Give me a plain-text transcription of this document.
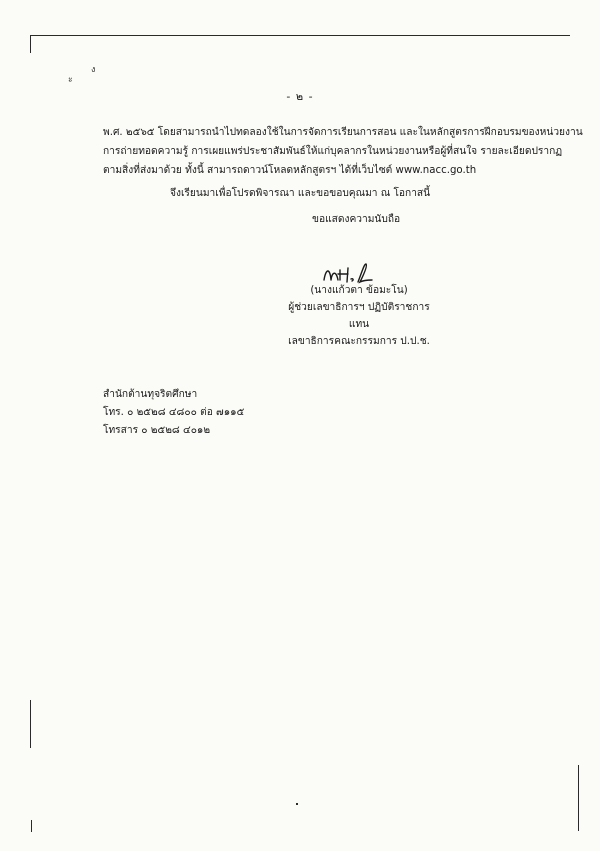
ง
ะ
- ๒ -
พ.ศ. ๒๕๖๕ โดยสามารถนำไปทดลองใช้ในการจัดการเรียนการสอน และในหลักสูตรการฝึกอบรมของหน่วยงาน
การถ่ายทอดความรู้ การเผยแพร่ประชาสัมพันธ์ให้แก่บุคลากรในหน่วยงานหรือผู้ที่สนใจ รายละเอียดปรากฏ
ตามสิ่งที่ส่งมาด้วย ทั้งนี้ สามารถดาวน์โหลดหลักสูตรฯ ได้ที่เว็บไซต์ www.nacc.go.th
จึงเรียนมาเพื่อโปรดพิจารณา และขอขอบคุณมา ณ โอกาสนี้
ขอแสดงความนับถือ
(นางแก้วตา ข้อมะโน)
ผู้ช่วยเลขาธิการฯ ปฏิบัติราชการแทน
เลขาธิการคณะกรรมการ ป.ป.ช.
สำนักต้านทุจริตศึกษา
โทร. ๐ ๒๕๒๘ ๔๘๐๐ ต่อ ๗๑๑๕
โทรสาร ๐ ๒๕๒๘ ๔๐๑๒
